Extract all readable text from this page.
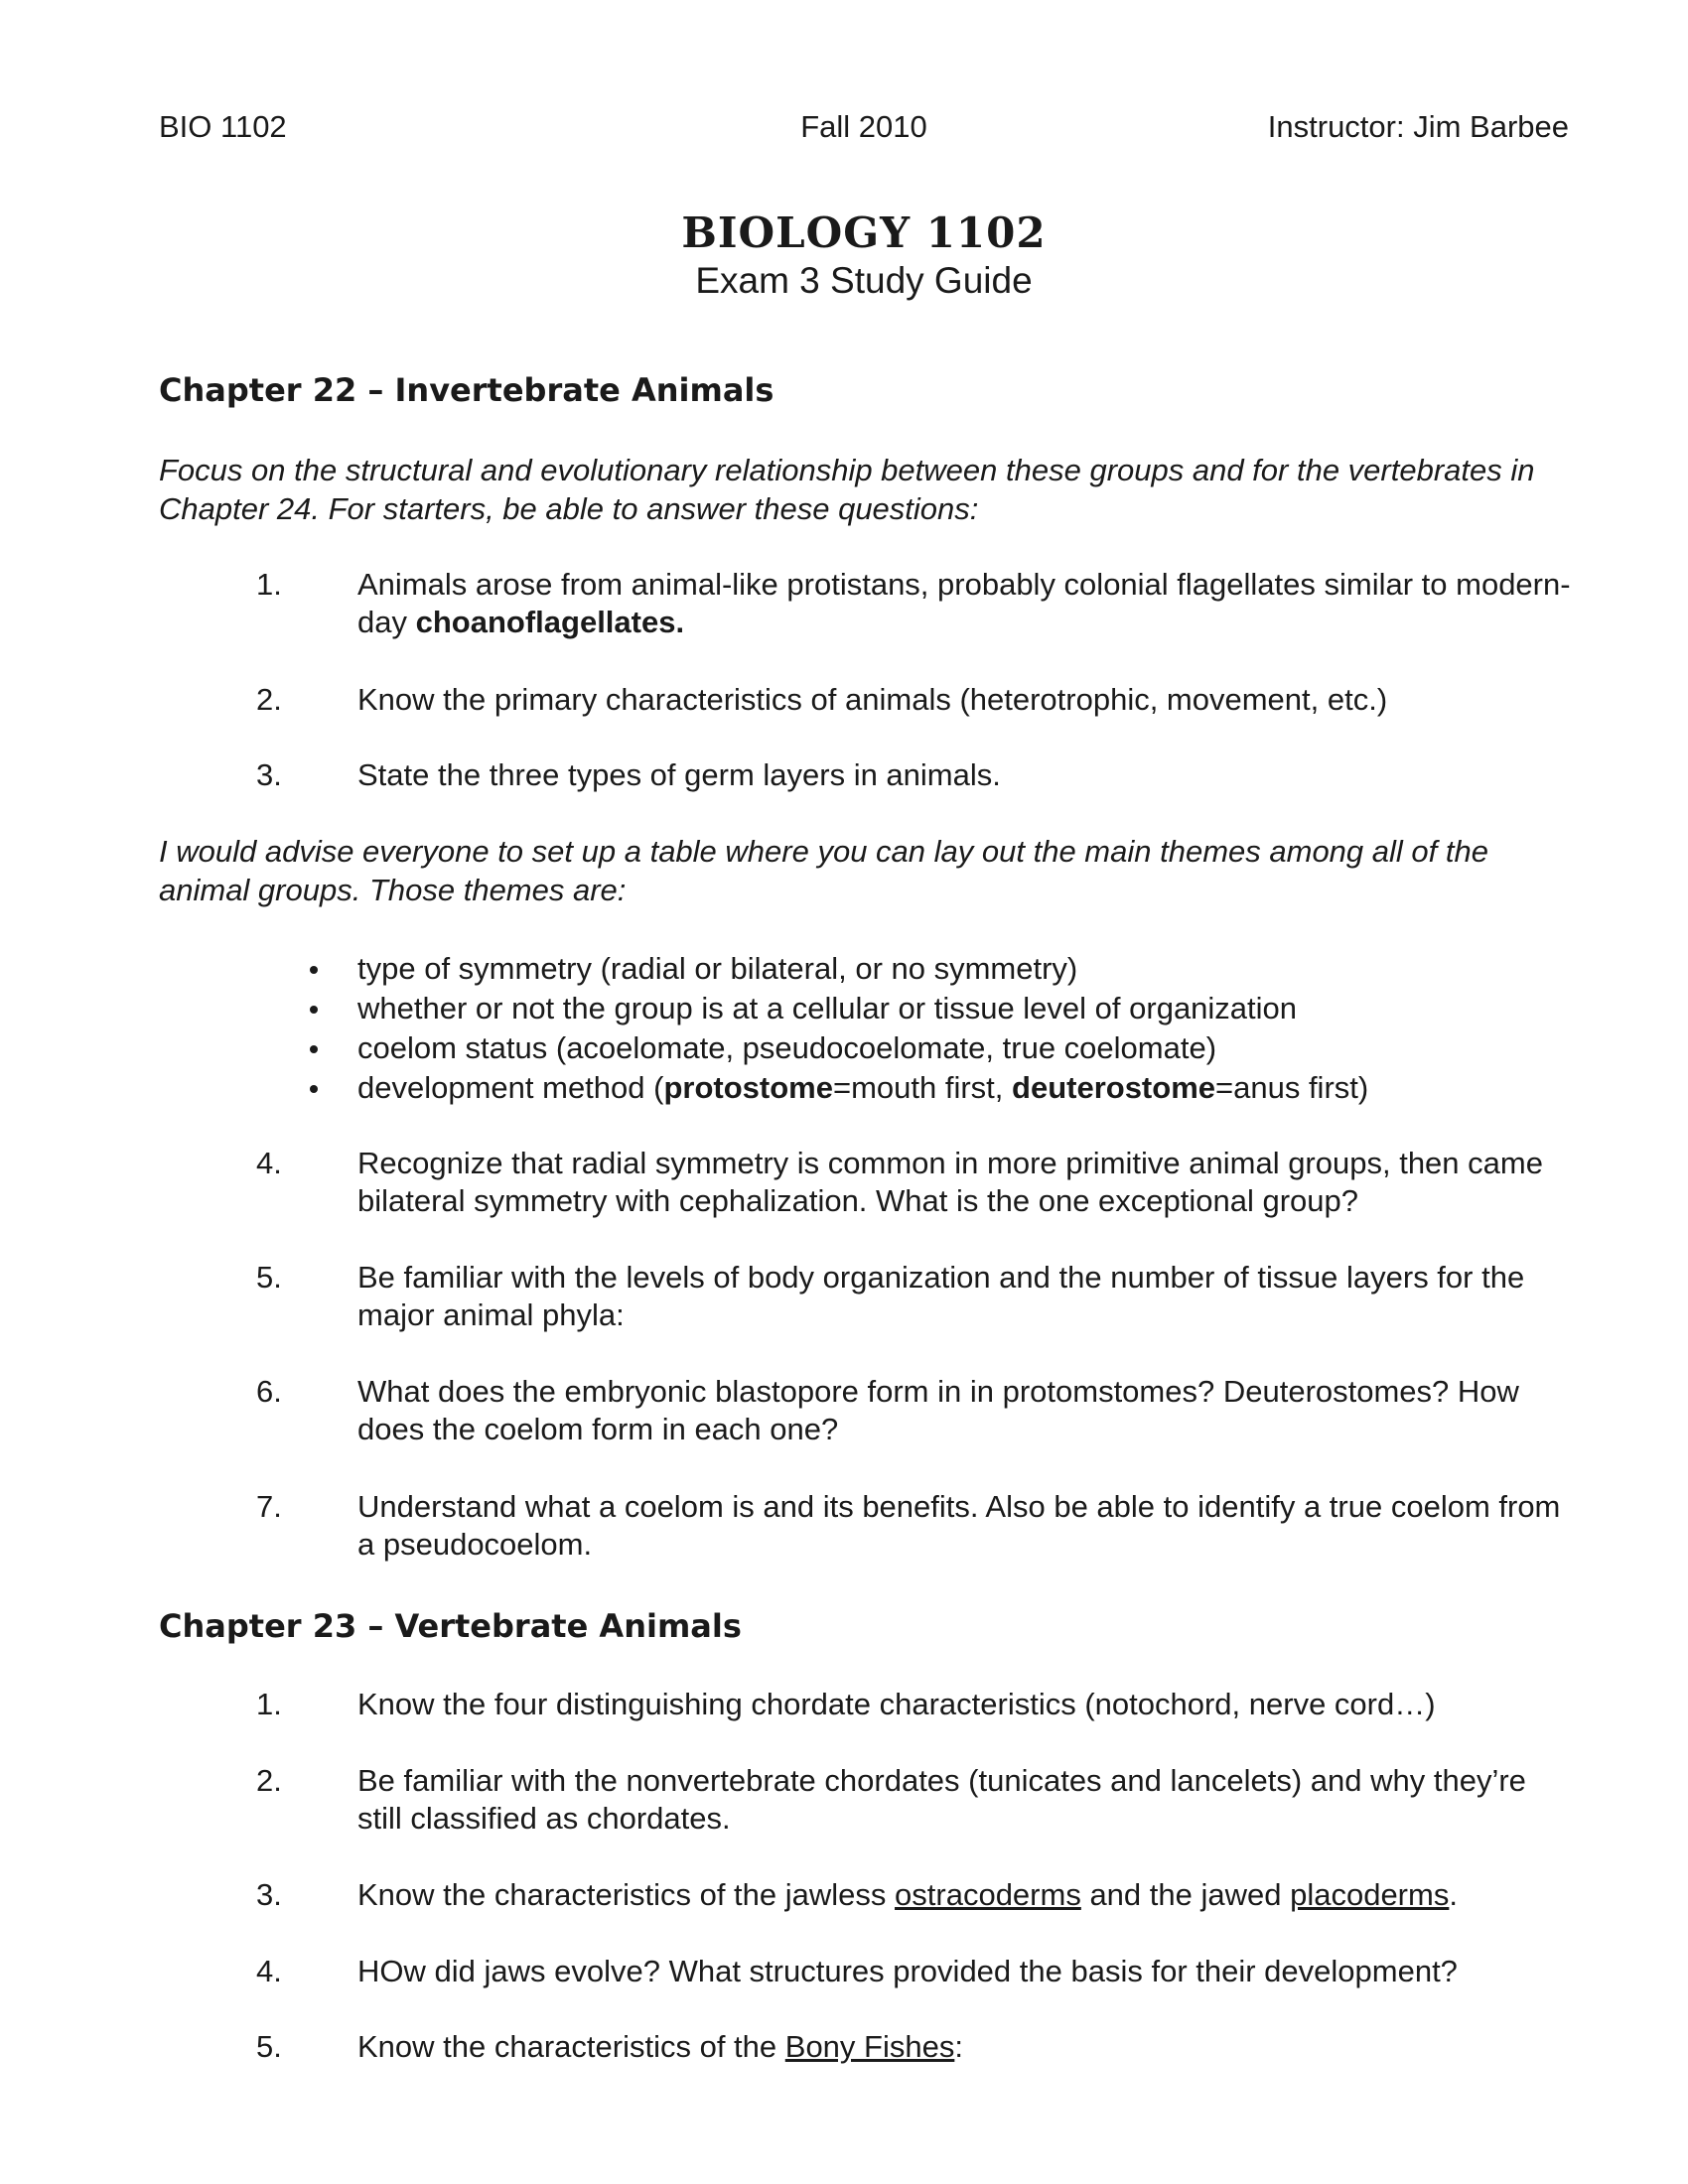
BIO 1102	Fall 2010	Instructor: Jim Barbee
BIOLOGY 1102
Exam 3 Study Guide
Chapter 22 – Invertebrate Animals
Focus on the structural and evolutionary relationship between these groups and for the vertebrates in Chapter 24. For starters, be able to answer these questions:
1. Animals arose from animal-like protistans, probably colonial flagellates similar to modern-day choanoflagellates.
2. Know the primary characteristics of animals (heterotrophic, movement, etc.)
3. State the three types of germ layers in animals.
I would advise everyone to set up a table where you can lay out the main themes among all of the animal groups. Those themes are:
type of symmetry (radial or bilateral, or no symmetry)
whether or not the group is at a cellular or tissue level of organization
coelom status (acoelomate, pseudocoelomate, true coelomate)
development method (protostome=mouth first, deuterostome=anus first)
4. Recognize that radial symmetry is common in more primitive animal groups, then came bilateral symmetry with cephalization. What is the one exceptional group?
5. Be familiar with the levels of body organization and the number of tissue layers for the major animal phyla:
6. What does the embryonic blastopore form in in protomstomes? Deuterostomes? How does the coelom form in each one?
7. Understand what a coelom is and its benefits. Also be able to identify a true coelom from a pseudocoelom.
Chapter 23 – Vertebrate Animals
1. Know the four distinguishing chordate characteristics (notochord, nerve cord…)
2. Be familiar with the nonvertebrate chordates (tunicates and lancelets) and why they’re still classified as chordates.
3. Know the characteristics of the jawless ostracoderms and the jawed placoderms.
4. HOw did jaws evolve? What structures provided the basis for their development?
5. Know the characteristics of the Bony Fishes:
